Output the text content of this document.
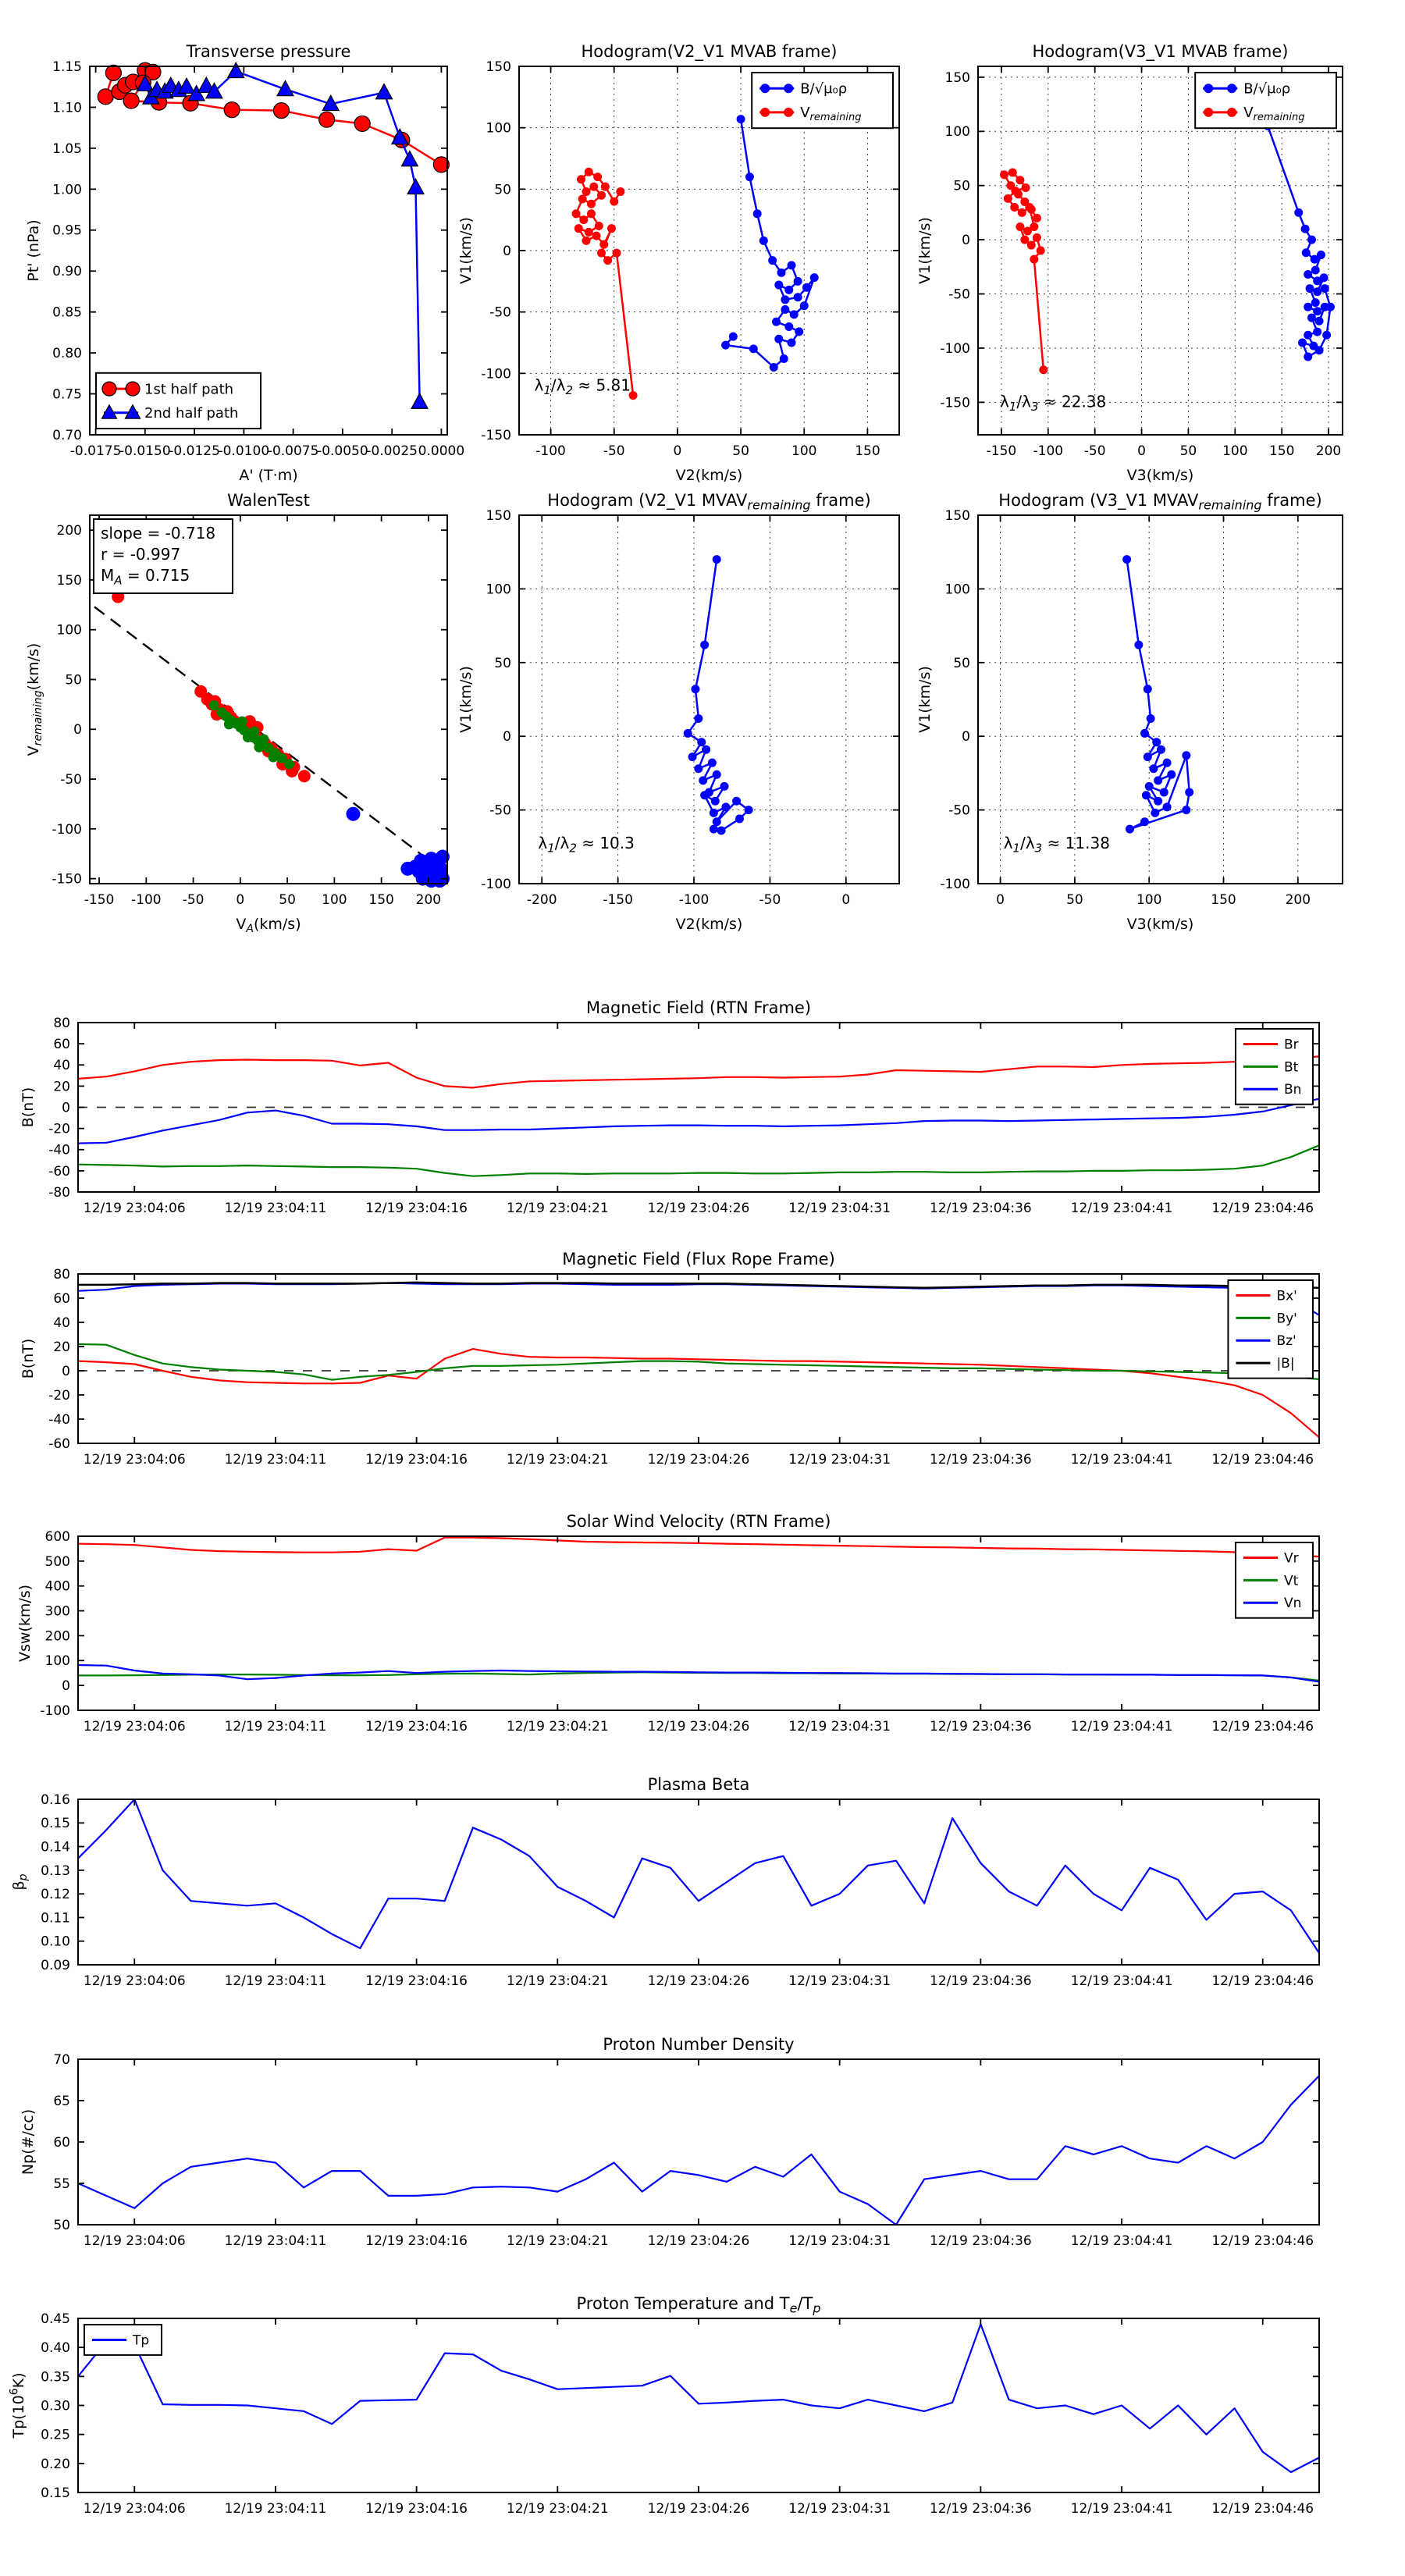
-0.0175
-0.0150
-0.0125
-0.0100
-0.0075
-0.0050
-0.0025 0.0000
0.70
0.75
0.80
0.85
0.90
0.95
1.00
1.05
1.10
1.15
Transverse pressure
A' (T·m)
Pt' (nPa)
1st half path
2nd half path
-100	-50	0	50	100	150
-150
-100
-50
0
50
100
150
Hodogram(V2_V1 MVAB frame)
V2(km/s)
V1(km/s)
$\lambda_1/\lambda_2 \approx 5.81$
B/√μ₀ρ
$V_{remaining}$
-150 -100 -50 0	50 100 150 200
-150
-100
-50
0
50
100
150
Hodogram(V3_V1 MVAB frame)
V3(km/s)
V1(km/s)
$\lambda_1/\lambda_3 \approx 22.38$
B/√μ₀ρ
$V_{remaining}$
-150 -100 -50 0	50 100 150 200
-150
-100
-50
0
50
100
150
200
WalenTest
$V_A(km/s)$
$V_{remaining}(km/s)$
slope = -0.718
r = -0.997
$M_A = 0.715$
-200	-150	-100	-50	0
-100
-50
0
50
100
150
Hodogram (V2_V1 $MVAV_{remaining}$ frame)
V2(km/s)
V1(km/s)
$\lambda_1/\lambda_2 \approx 10.3$
0	50	100	150	200
-100
-50
0
50
100
150
Hodogram (V3_V1 $MVAV_{remaining}$ frame)
V3(km/s)
V1(km/s)
$\lambda_1/\lambda_3 \approx 11.38$
12/19 23:04:06	12/19 23:04:11	12/19 23:04:16	12/19 23:04:21	12/19 23:04:26	12/19 23:04:31	12/19 23:04:36	12/19 23:04:41	12/19 23:04:46
-80
-60
-40
-20
0
20
40
60
80
Magnetic Field (RTN Frame)
B(nT)
Br
Bt
Bn
12/19 23:04:06	12/19 23:04:11	12/19 23:04:16	12/19 23:04:21	12/19 23:04:26	12/19 23:04:31	12/19 23:04:36	12/19 23:04:41	12/19 23:04:46
-60
-40
-20
0
20
40
60
80
Magnetic Field (Flux Rope Frame)
B(nT)
Bx'
By'
Bz'
|B|
12/19 23:04:06	12/19 23:04:11	12/19 23:04:16	12/19 23:04:21	12/19 23:04:26	12/19 23:04:31	12/19 23:04:36	12/19 23:04:41	12/19 23:04:46
-100
0
100
200
300
400
500
600
Solar Wind Velocity (RTN Frame)
Vsw(km/s)
Vr
Vt
Vn
12/19 23:04:06	12/19 23:04:11	12/19 23:04:16	12/19 23:04:21	12/19 23:04:26	12/19 23:04:31	12/19 23:04:36	12/19 23:04:41	12/19 23:04:46
0.09
0.10
0.11
0.12
0.13
0.14
0.15
0.16
Plasma Beta
$\beta_p$
12/19 23:04:06	12/19 23:04:11	12/19 23:04:16	12/19 23:04:21	12/19 23:04:26	12/19 23:04:31	12/19 23:04:36	12/19 23:04:41	12/19 23:04:46
50
55
60
65
70
Proton Number Density
Np(#/cc)
12/19 23:04:06	12/19 23:04:11	12/19 23:04:16	12/19 23:04:21	12/19 23:04:26	12/19 23:04:31	12/19 23:04:36	12/19 23:04:41	12/19 23:04:46
0.15
0.20
0.25
0.30
0.35
0.40
0.45
Proton Temperature and $T_e/T_p$
$Tp(10^6K)$
Tp
